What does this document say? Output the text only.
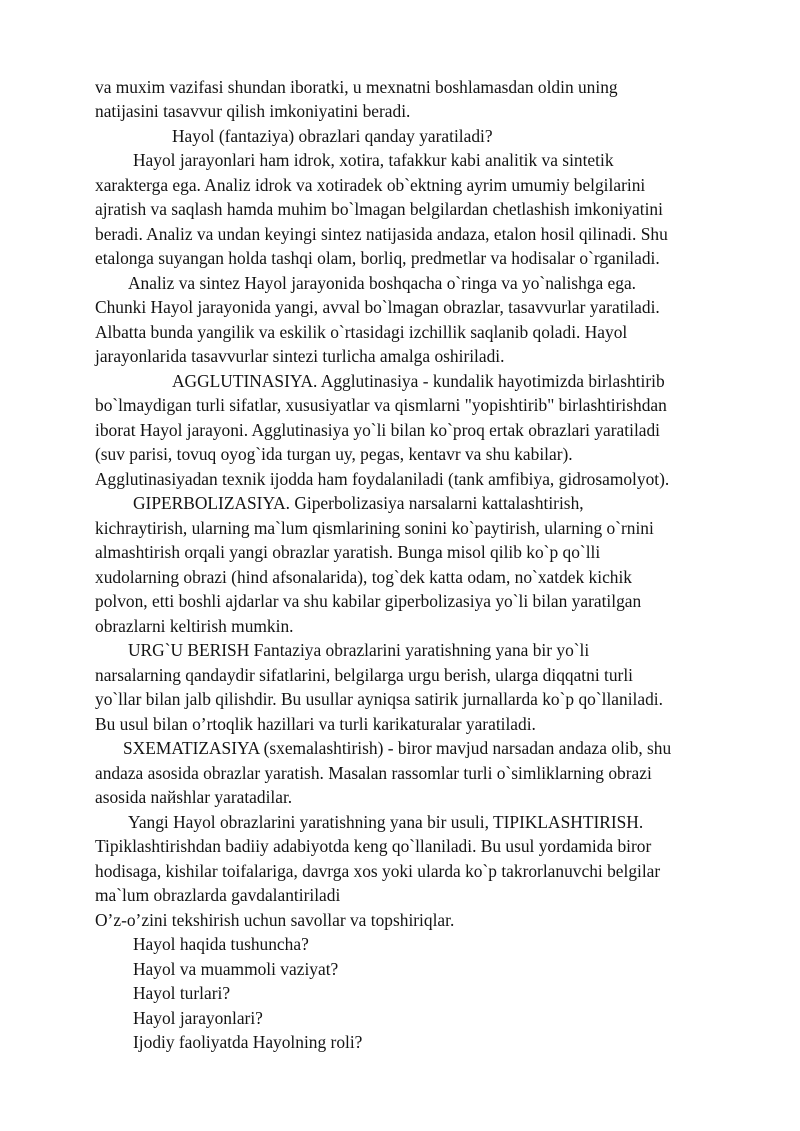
va muxim vazifasi shundan iboratki, u mexnatni boshlamasdan oldin uning
natijasini tasavvur qilish imkoniyatini beradi.
Hayol (fantaziya) obrazlari qanday yaratiladi?
Hayol jarayonlari ham idrok, xotira, tafakkur kabi analitik va sintetik
xarakterga ega. Analiz idrok va xotiradek ob`ektning ayrim umumiy belgilarini
ajratish va saqlash hamda muhim bo`lmagan belgilardan chetlashish imkoniyatini
beradi. Analiz va undan keyingi sintez natijasida andaza, etalon hosil qilinadi. Shu
etalonga suyangan holda tashqi olam, borliq, predmetlar va hodisalar o`rganiladi.
Analiz va sintez Hayol jarayonida boshqacha o`ringa va yo`nalishga ega.
Chunki Hayol jarayonida yangi, avval bo`lmagan obrazlar, tasavvurlar yaratiladi.
Albatta bunda yangilik va eskilik o`rtasidagi izchillik saqlanib qoladi. Hayol
jarayonlarida tasavvurlar sintezi turlicha amalga oshiriladi.
AGGLUTINASIYA. Agglutinasiya - kundalik hayotimizda birlashtirib
bo`lmaydigan turli sifatlar, xususiyatlar va qismlarni "yopishtirib" birlashtirishdan
iborat Hayol jarayoni. Agglutinasiya yo`li bilan ko`proq ertak obrazlari yaratiladi
(suv parisi, tovuq oyog`ida turgan uy, pegas, kentavr va shu kabilar).
Agglutinasiyadan texnik ijodda ham foydalaniladi (tank amfibiya, gidrosamolyot).
GIPERBOLIZASIYA. Giperbolizasiya narsalarni kattalashtirish,
kichraytirish, ularning ma`lum qismlarining sonini ko`paytirish, ularning o`rnini
almashtirish orqali yangi obrazlar yaratish. Bunga misol qilib ko`p qo`lli
xudolarning obrazi (hind afsonalarida), tog`dek katta odam, no`xatdek kichik
polvon, etti boshli ajdarlar va shu kabilar giperbolizasiya yo`li bilan yaratilgan
obrazlarni keltirish mumkin.
URG`U BERISH Fantaziya obrazlarini yaratishning yana bir yo`li
narsalarning qandaydir sifatlarini, belgilarga urgu berish, ularga diqqatni turli
yo`llar bilan jalb qilishdir. Bu usullar ayniqsa satirik jurnallarda ko`p qo`llaniladi.
Bu usul bilan o’rtoqlik hazillari va turli karikaturalar yaratiladi.
SXEMATIZASIYA (sxemalashtirish) - biror mavjud narsadan andaza olib, shu
andaza asosida obrazlar yaratish. Masalan rassomlar turli o`simliklarning obrazi
asosida naйshlar yaratadilar.
Yangi Hayol obrazlarini yaratishning yana bir usuli, TIPIKLASHTIRISH.
Tipiklashtirishdan badiiy adabiyotda keng qo`llaniladi. Bu usul yordamida biror
hodisaga, kishilar toifalariga, davrga xos yoki ularda ko`p takrorlanuvchi belgilar
ma`lum obrazlarda gavdalantiriladi
O’z-o’zini tekshirish uchun savollar va topshiriqlar.
Hayol haqida tushuncha?
Hayol va muammoli vaziyat?
Hayol turlari?
Hayol jarayonlari?
Ijodiy faoliyatda Hayolning roli?
